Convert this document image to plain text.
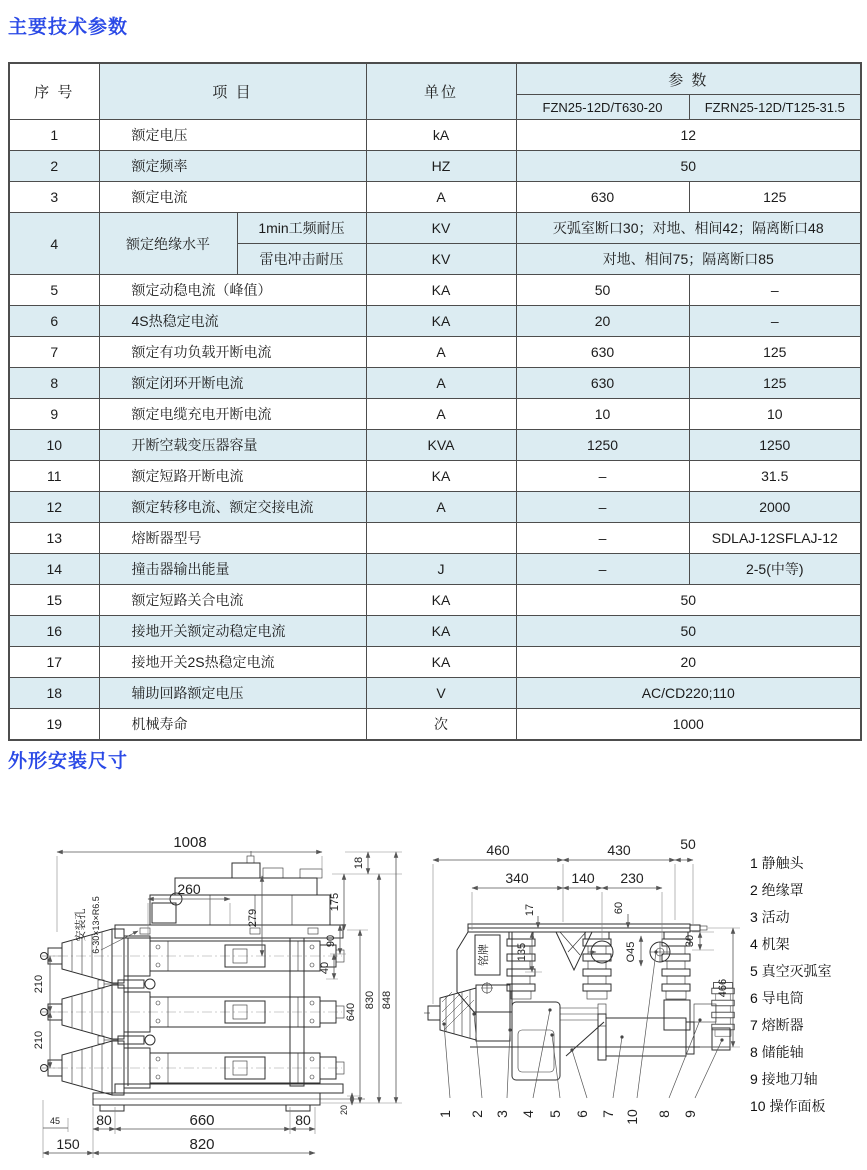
主要技术参数
序 号	项 目		单位	参 数	
				FZN25-12D/T630-20	FZRN25-12D/T125-31.5
1	额定电压		kA	12	
2	额定频率		HZ	50	
3	额定电流		A	630	125
4	额定绝缘水平	1min工频耐压	KV	灭弧室断口30；对地、相间42；隔离断口48	
		雷电冲击耐压	KV	对地、相间75；隔离断口85	
5	额定动稳电流（峰值）		KA	50	–
6	4S热稳定电流		KA	20	–
7	额定有功负载开断电流		A	630	125
8	额定闭环开断电流		A	630	125
9	额定电缆充电开断电流		A	10	10
10	开断空载变压器容量		KVA	1250	1250
11	额定短路开断电流		KA	–	31.5
12	额定转移电流、额定交接电流		A	–	2000
13	熔断器型号			–	SDLAJ-12SFLAJ-12
14	撞击器输出能量		J	–	2-5(中等)
15	额定短路关合电流		KA	50	
16	接地开关额定动稳定电流		KA	50	
17	接地开关2S热稳定电流		KA	20	
18	辅助回路额定电压		V	AC/CD220;110	
19	机械寿命		次	1000	
外形安装尺寸
安装孔 6-30×13×R6.5
1008
260
18
175
279
90
40
640
830 848
20
210
210
45	80	660	80
150	820
铭牌
460	430	50
340	140 230
17	60
135	O45
30
466
1 2 3 4 5 6 7 10 8 9
1 静触头
2 绝缘罩
3 活动
4 机架
5 真空灭弧室
6 导电筒
7 熔断器
8 储能轴
9 接地刀轴
10 操作面板
